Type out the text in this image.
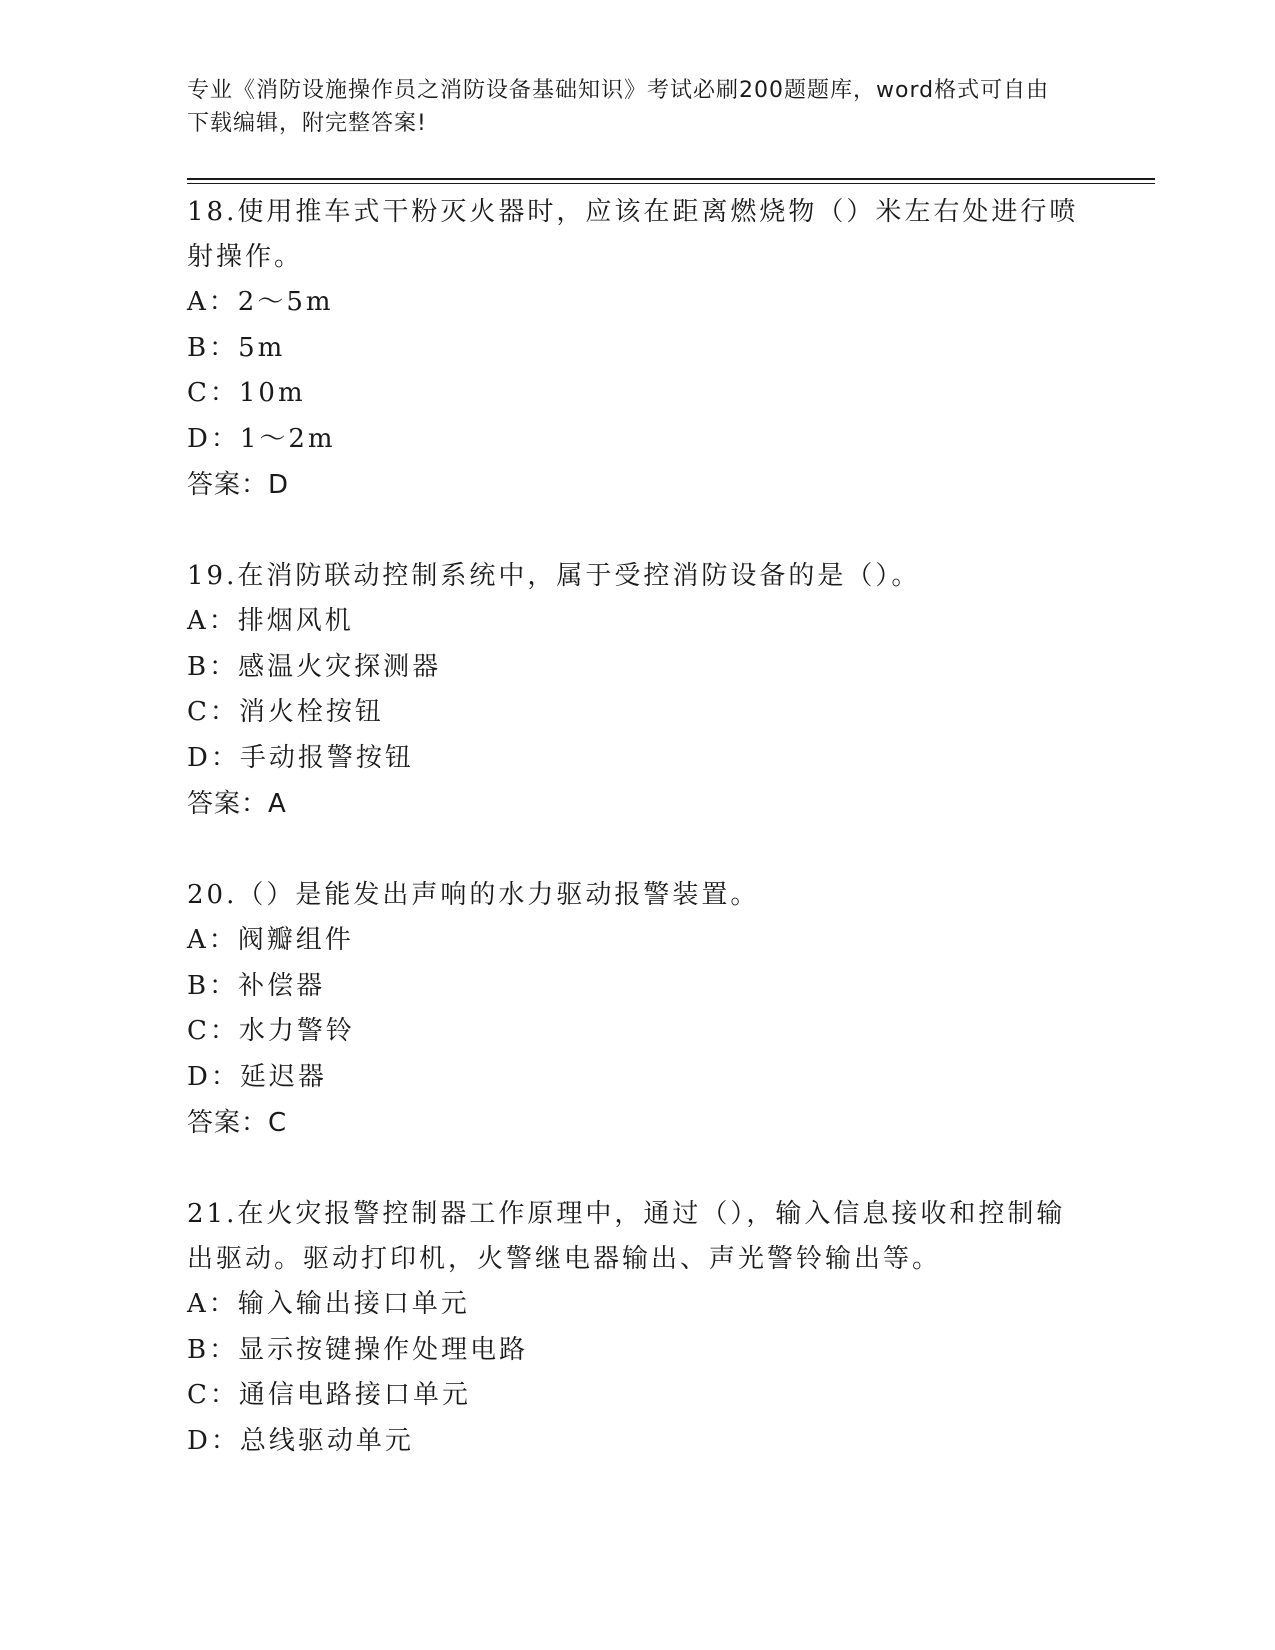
专业《消防设施操作员之消防设备基础知识》考试必刷200题题库，word格式可自由下载编辑，附完整答案!
18.使用推车式干粉灭火器时，应该在距离燃烧物（）米左右处进行喷射操作。
A：2～5m
B：5m
C：10m
D：1～2m
答案：D
19.在消防联动控制系统中，属于受控消防设备的是（）。
A：排烟风机
B：感温火灾探测器
C：消火栓按钮
D：手动报警按钮
答案：A
20.（）是能发出声响的水力驱动报警装置。
A：阀瓣组件
B：补偿器
C：水力警铃
D：延迟器
答案：C
21.在火灾报警控制器工作原理中，通过（），输入信息接收和控制输出驱动。驱动打印机，火警继电器输出、声光警铃输出等。
A：输入输出接口单元
B：显示按键操作处理电路
C：通信电路接口单元
D：总线驱动单元
